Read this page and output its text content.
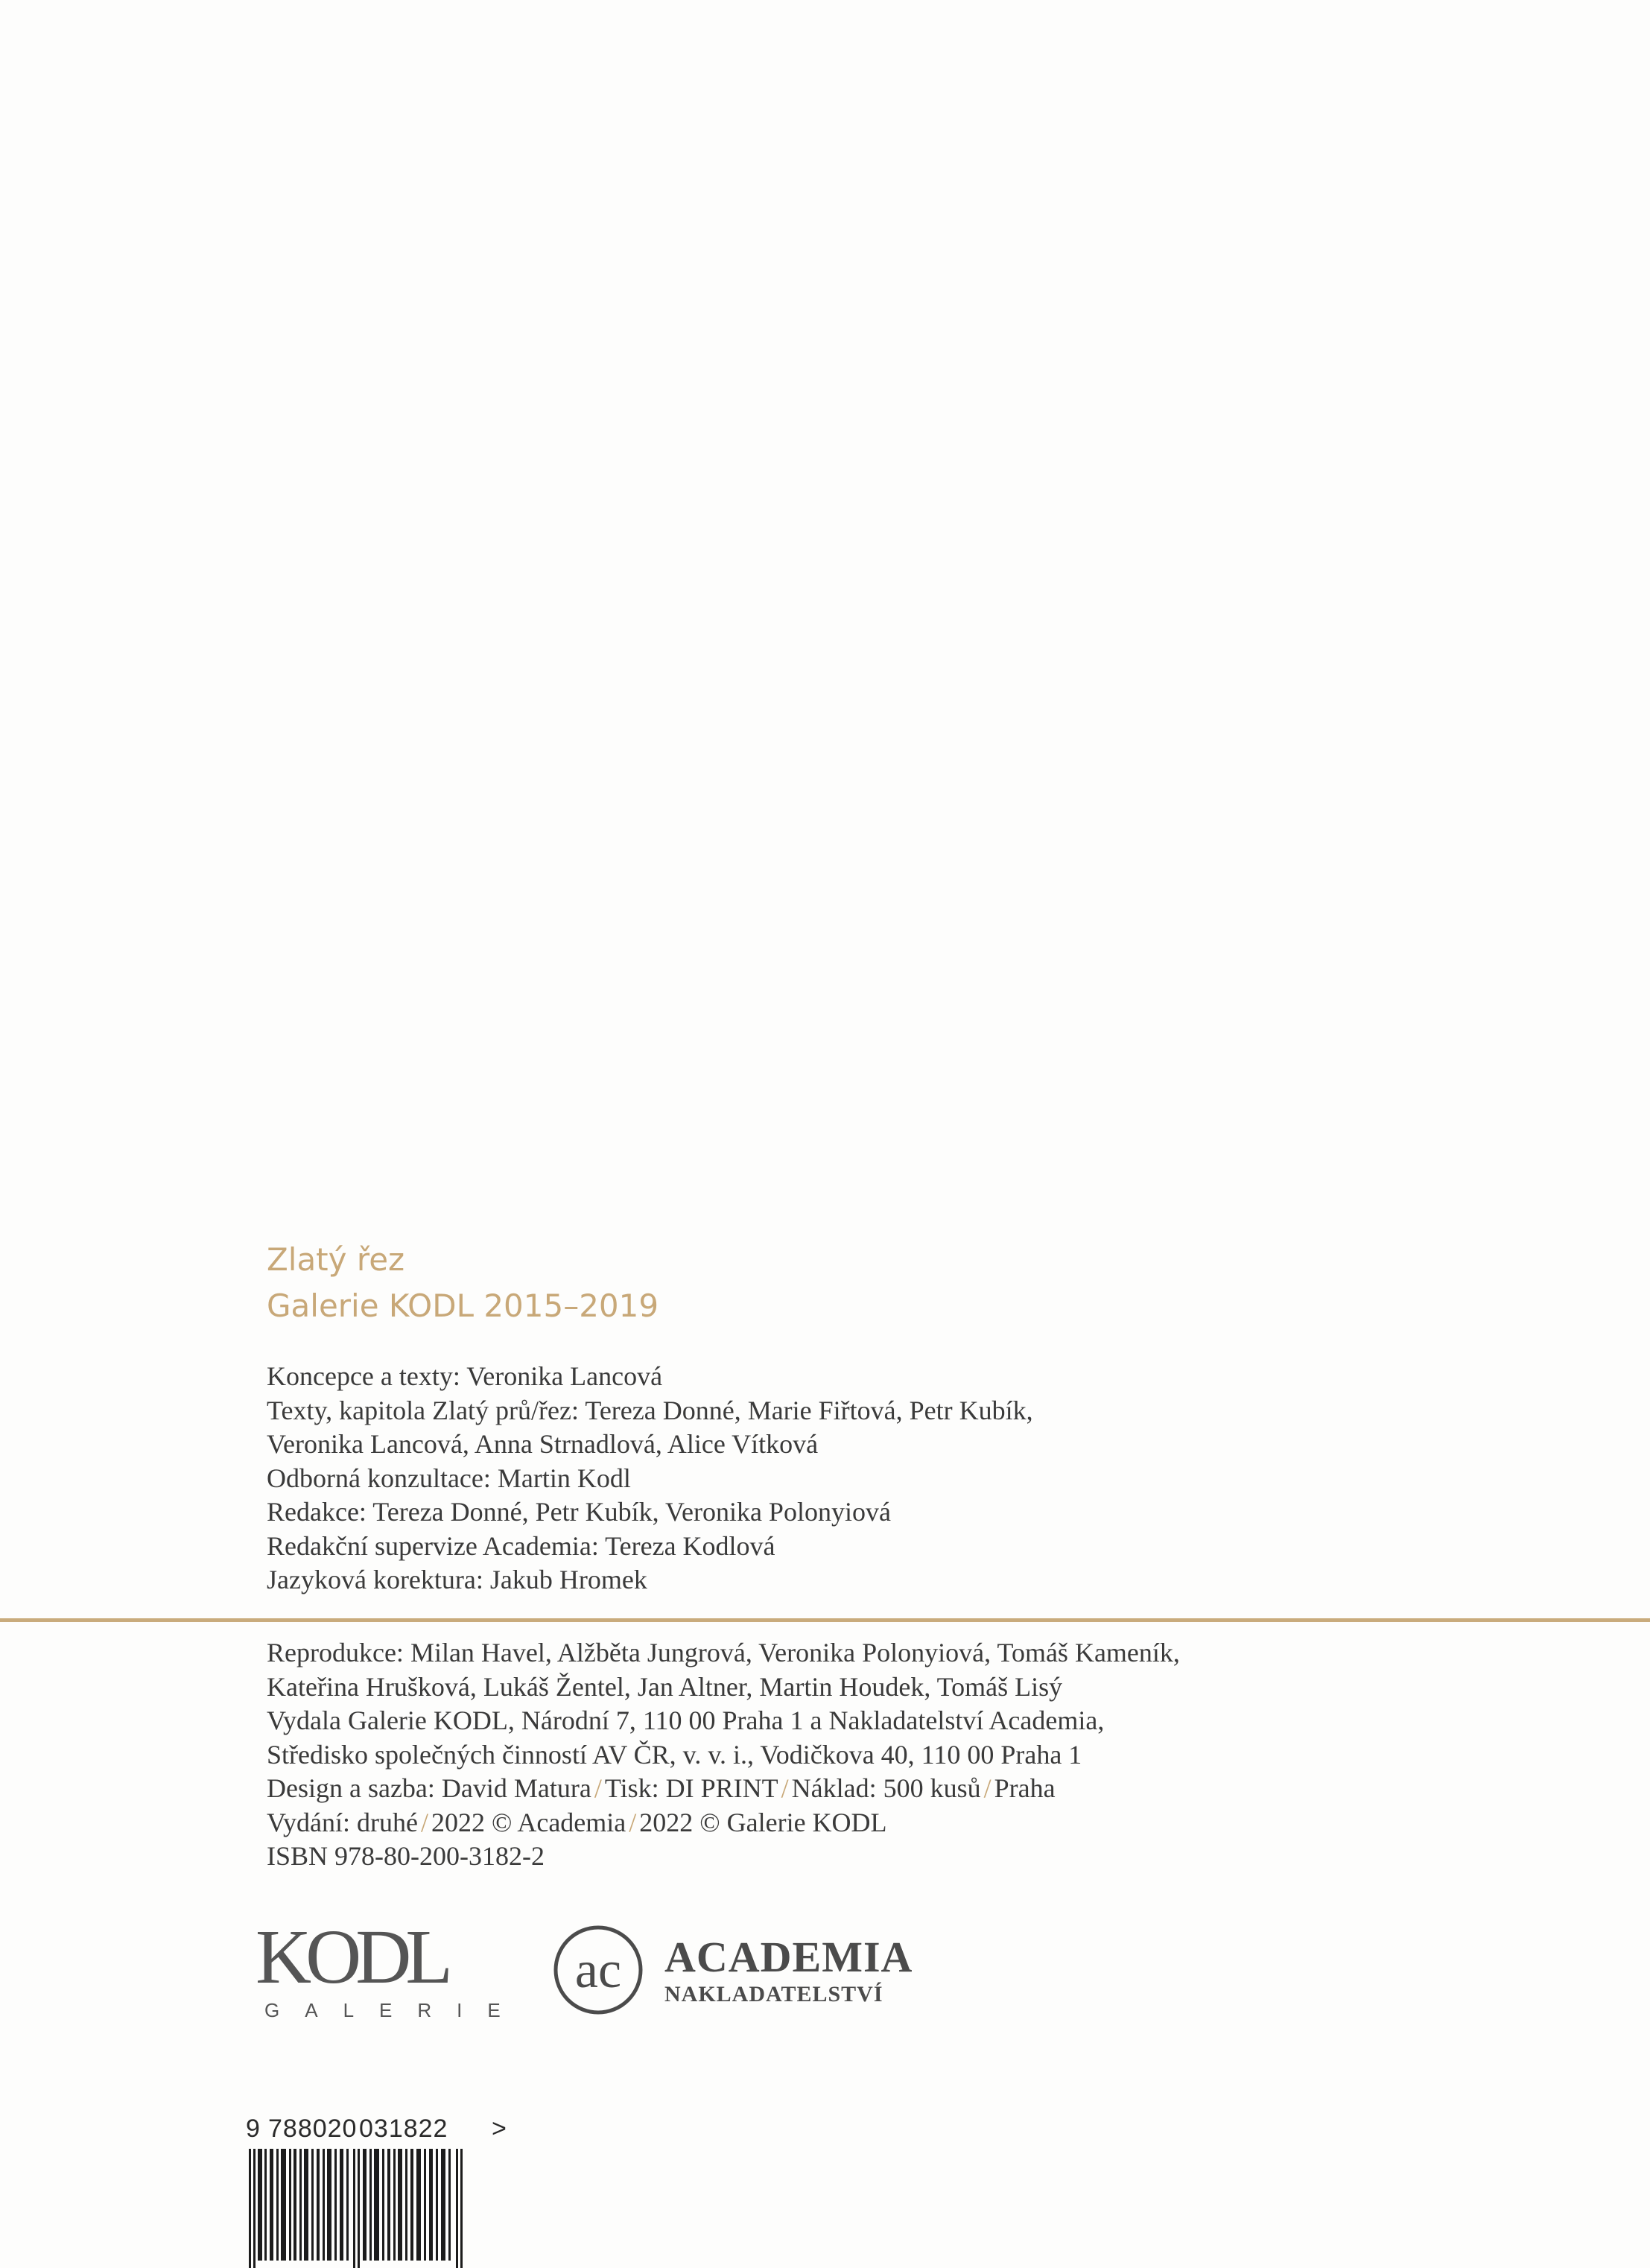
Zlatý řez
Galerie KODL 2015–2019
Koncepce a texty: Veronika Lancová
Texty, kapitola Zlatý prů/řez: Tereza Donné, Marie Fiřtová, Petr Kubík,
Veronika Lancová, Anna Strnadlová, Alice Vítková
Odborná konzultace: Martin Kodl
Redakce: Tereza Donné, Petr Kubík, Veronika Polonyiová
Redakční supervize Academia: Tereza Kodlová
Jazyková korektura: Jakub Hromek
Reprodukce: Milan Havel, Alžběta Jungrová, Veronika Polonyiová, Tomáš Kameník,
Kateřina Hrušková, Lukáš Žentel, Jan Altner, Martin Houdek, Tomáš Lisý
Vydala Galerie KODL, Národní 7, 110 00 Praha 1 a Nakladatelství Academia,
Středisko společných činností AV ČR, v. v. i., Vodičkova 40, 110 00 Praha 1
Design a sazba: David Matura / Tisk: DI PRINT / Náklad: 500 kusů / Praha
Vydání: druhé / 2022 © Academia / 2022 © Galerie KODL
ISBN 978-80-200-3182-2
KODL
GALERIE
ac ACADEMIA
NAKLADATELSTVÍ
9 788020 031822 >
